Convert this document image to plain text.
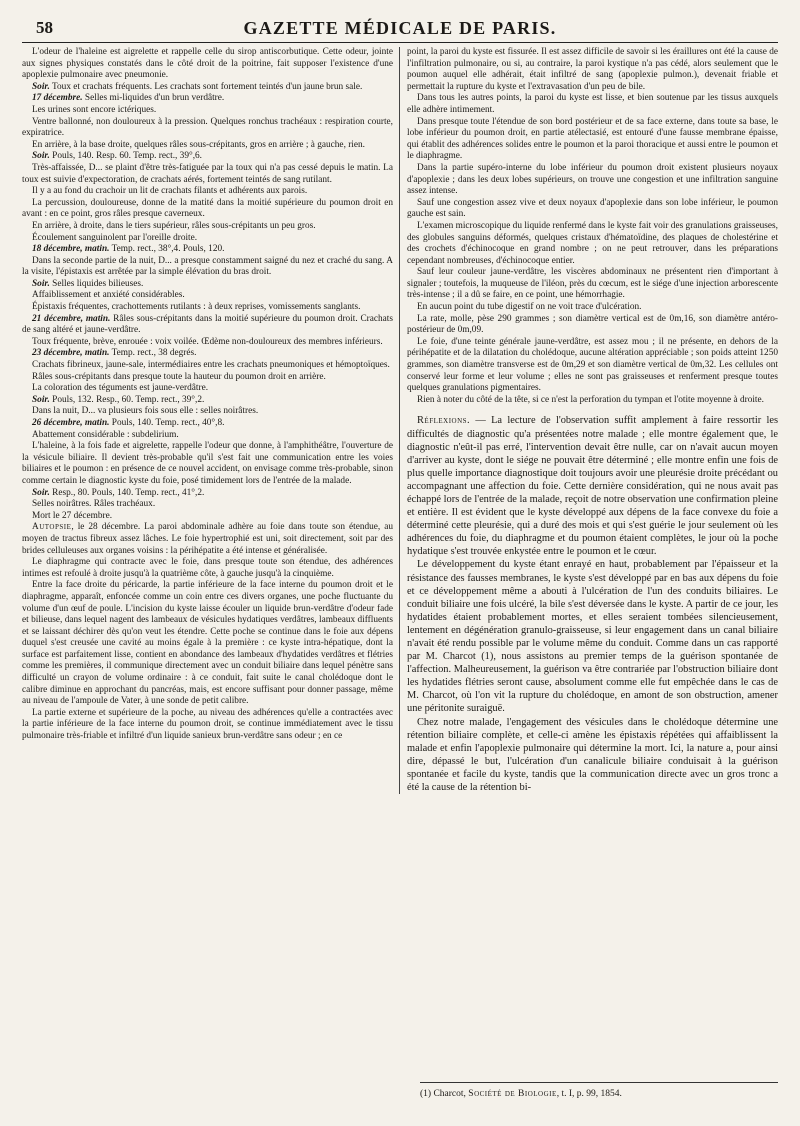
58	GAZETTE MÉDICALE DE PARIS.

L'odeur de l'haleine est aigrelette et rappelle celle du sirop antiscorbutique. Cette odeur, jointe aux signes physiques constatés dans le côté droit de la poitrine, fait supposer l'existence d'une apoplexie pulmonaire avec pneumonie.

Soir. Toux et crachats fréquents. Les crachats sont fortement teintés d'un jaune brun sale.

17 décembre. Selles mi-liquides d'un brun verdâtre.

Les urines sont encore ictériques.

Ventre ballonné, non douloureux à la pression. Quelques ronchus trachéaux : respiration courte, expiratrice.

En arrière, à la base droite, quelques râles sous-crépitants, gros en arrière ; à gauche, rien.

Soir. Pouls, 140. Resp. 60. Temp. rect., 39°,6.

Très-affaissée, D... se plaint d'être très-fatiguée par la toux qui n'a pas cessé depuis le matin. La toux est suivie d'expectoration, de crachats aérés, fortement teintés de sang rutilant.

Il y a au fond du crachoir un lit de crachats filants et adhérents aux parois.

La percussion, douloureuse, donne de la matité dans la moitié supérieure du poumon droit en avant : en ce point, gros râles presque caverneux.

En arrière, à droite, dans le tiers supérieur, râles sous-crépitants un peu gros.

Écoulement sanguinolent par l'oreille droite.

18 décembre, matin. Temp. rect., 38°,4. Pouls, 120.

Dans la seconde partie de la nuit, D... a presque constamment saigné du nez et craché du sang. A la visite, l'épistaxis est arrêtée par la simple élévation du bras droit.

Soir. Selles liquides bilieuses.

Affaiblissement et anxiété considérables.

Épistaxis fréquentes, crachottements rutilants : à deux reprises, vomissements sanglants.

21 décembre, matin. Râles sous-crépitants dans la moitié supérieure du poumon droit. Crachats de sang altéré et jaune-verdâtre.

Toux fréquente, brève, enrouée : voix voilée. Œdème non-douloureux des membres inférieurs.

23 décembre, matin. Temp. rect., 38 degrés.

Crachats fibrineux, jaune-sale, intermédiaires entre les crachats pneumoniques et hémoptoïques.

Râles sous-crépitants dans presque toute la hauteur du poumon droit en arrière.

La coloration des téguments est jaune-verdâtre.

Soir. Pouls, 132. Resp., 60. Temp. rect., 39°,2.

Dans la nuit, D... va plusieurs fois sous elle : selles noirâtres.

26 décembre, matin. Pouls, 140. Temp. rect., 40°,8.

Abattement considérable : subdelirium.

L'haleine, à la fois fade et aigrelette, rappelle l'odeur que donne, à l'amphithéâtre, l'ouverture de la vésicule biliaire. Il devient très-probable qu'il s'est fait une communication entre les voies biliaires et le poumon : en présence de ce nouvel accident, on envisage comme très-probable, sinon comme certain le diagnostic kyste du foie, posé timidement lors de l'entrée de la malade.

Soir. Resp., 80. Pouls, 140. Temp. rect., 41°,2.

Selles noirâtres. Râles trachéaux.

Mort le 27 décembre.

Autopsie, le 28 décembre. La paroi abdominale adhère au foie dans toute son étendue, au moyen de tractus fibreux assez lâches. Le foie hypertrophié est uni, soit directement, soit par des brides celluleuses aux organes voisins : la périhépatite a été intense et généralisée.

Le diaphragme qui contracte avec le foie, dans presque toute son étendue, des adhérences intimes est refoulé à droite jusqu'à la quatrième côte, à gauche jusqu'à la cinquième.

Entre la face droite du péricarde, la partie inférieure de la face interne du poumon droit et le diaphragme, apparaît, enfoncée comme un coin entre ces divers organes, une poche fluctuante du volume d'un œuf de poule. L'incision du kyste laisse écouler un liquide brun-verdâtre d'odeur fade et bilieuse, dans lequel nagent des lambeaux de vésicules hydatiques verdâtres, lambeaux diffluents et se laissant déchirer dès qu'on veut les étendre. Cette poche se continue dans le foie aux dépens duquel s'est creusée une cavité au moins égale à la première : ce kyste intra-hépatique, dont la surface est parfaitement lisse, contient en abondance des lambeaux d'hydatides verdâtres et flétries comme les premières, il communique directement avec un conduit biliaire dans lequel pénètre sans difficulté un crayon de volume ordinaire : à ce conduit, fait suite le canal cholédoque dont le calibre diminue en approchant du pancréas, mais, est encore suffisant pour donner passage, même au niveau de l'ampoule de Vater, à une sonde de petit calibre.

La partie externe et supérieure de la poche, au niveau des adhérences qu'elle a contractées avec la partie inférieure de la face interne du poumon droit, se continue immédiatement avec le tissu pulmonaire très-friable et infiltré d'un liquide sanieux brun-verdâtre sans odeur ; en ce

point, la paroi du kyste est fissurée. Il est assez difficile de savoir si les éraillures ont été la cause de l'infiltration pulmonaire, ou si, au contraire, la paroi kystique n'a pas cédé, alors seulement que le poumon auquel elle adhérait, était infiltré de sang (apoplexie pulmon.), devenait friable et permettait la rupture du kyste et l'extravasation d'un peu de bile.

Dans tous les autres points, la paroi du kyste est lisse, et bien soutenue par les tissus auxquels elle adhère intimement.

Dans presque toute l'étendue de son bord postérieur et de sa face externe, dans toute sa base, le lobe inférieur du poumon droit, en partie atélectasié, est entouré d'une fausse membrane épaisse, qui établit des adhérences solides entre le poumon et la paroi thoracique et aussi entre le poumon et le diaphragme.

Dans la partie supéro-interne du lobe inférieur du poumon droit existent plusieurs noyaux d'apoplexie ; dans les deux lobes supérieurs, on trouve une congestion et une infiltration sanguine assez intense.

Sauf une congestion assez vive et deux noyaux d'apoplexie dans son lobe inférieur, le poumon gauche est sain.

L'examen microscopique du liquide renfermé dans le kyste fait voir des granulations graisseuses, des globules sanguins déformés, quelques cristaux d'hématoïdine, des plaques de cholestérine et des crochets d'échinocoque en grand nombre ; on ne peut retrouver, dans les préparations cependant nombreuses, d'échinocoque entier.

Sauf leur couleur jaune-verdâtre, les viscères abdominaux ne présentent rien d'important à signaler ; toutefois, la muqueuse de l'iléon, près du cœcum, est le siége d'une injection arborescente très-intense ; il a dû se faire, en ce point, une hémorrhagie.

En aucun point du tube digestif on ne voit trace d'ulcération.

La rate, molle, pèse 290 grammes ; son diamètre vertical est de 0m,16, son diamètre antéro-postérieur de 0m,09.

Le foie, d'une teinte générale jaune-verdâtre, est assez mou ; il ne présente, en dehors de la périhépatite et de la dilatation du cholédoque, aucune altération appréciable ; son poids atteint 1250 grammes, son diamètre transverse est de 0m,29 et son diamètre vertical de 0m,32. Les cellules ont conservé leur forme et leur volume ; elles ne sont pas graisseuses et renferment presque toutes quelques granulations pigmentaires.

Rien à noter du côté de la tête, si ce n'est la perforation du tympan et l'otite moyenne à droite.

Réflexions. — La lecture de l'observation suffit amplement à faire ressortir les difficultés de diagnostic qu'a présentées notre malade ; elle montre également que, le diagnostic n'eût-il pas erré, l'intervention devait être nulle, car on n'avait aucun moyen d'arriver au kyste, dont le siége ne pouvait être déterminé ; elle montre enfin une fois de plus quelle importance diagnostique doit toujours avoir une pleurésie droite précédant ou accompagnant une affection du foie. Cette dernière considération, qui ne nous avait pas échappé lors de l'entrée de la malade, reçoit de notre observation une confirmation pleine et entière. Il est évident que le kyste développé aux dépens de la face convexe du foie a déterminé cette pleurésie, qui a duré des mois et qui s'est guérie le jour seulement où les adhérences du foie, du diaphragme et du poumon étaient complètes, le jour où la poche hydatique s'est trouvée enkystée entre le poumon et le cœur.

Le développement du kyste étant enrayé en haut, probablement par l'épaisseur et la résistance des fausses membranes, le kyste s'est développé par en bas aux dépens du foie et ce développement même a abouti à l'ulcération de l'un des conduits biliaires. Le conduit biliaire une fois ulcéré, la bile s'est déversée dans le kyste. A partir de ce jour, les hydatides étaient probablement mortes, et elles seraient tombées silencieusement, lentement en dégénération granulo-graisseuse, si leur engagement dans un canal biliaire n'avait été rendu possible par le volume même du conduit. Comme dans un cas rapporté par M. Charcot (1), nous assistons au premier temps de la guérison spontanée de l'affection. Malheureusement, la guérison va être contrariée par l'obstruction biliaire dont les hydatides flétries seront cause, absolument comme elle fut empêchée dans le cas de M. Charcot, où l'on vit la rupture du cholédoque, en amont de son obstruction, amener une péritonite suraiguë.

Chez notre malade, l'engagement des vésicules dans le cholédoque détermine une rétention biliaire complète, et celle-ci amène les épistaxis répétées qui affaiblissent la malade et enfin l'apoplexie pulmonaire qui détermine la mort. Ici, la nature a, pour ainsi dire, dépassé le but, l'ulcération d'un canalicule biliaire conduisait à la guérison spontanée et facile du kyste, tandis que la communication directe avec un gros tronc a été la cause de la rétention bi-

(1) Charcot, Société de Biologie, t. I, p. 99, 1854.
